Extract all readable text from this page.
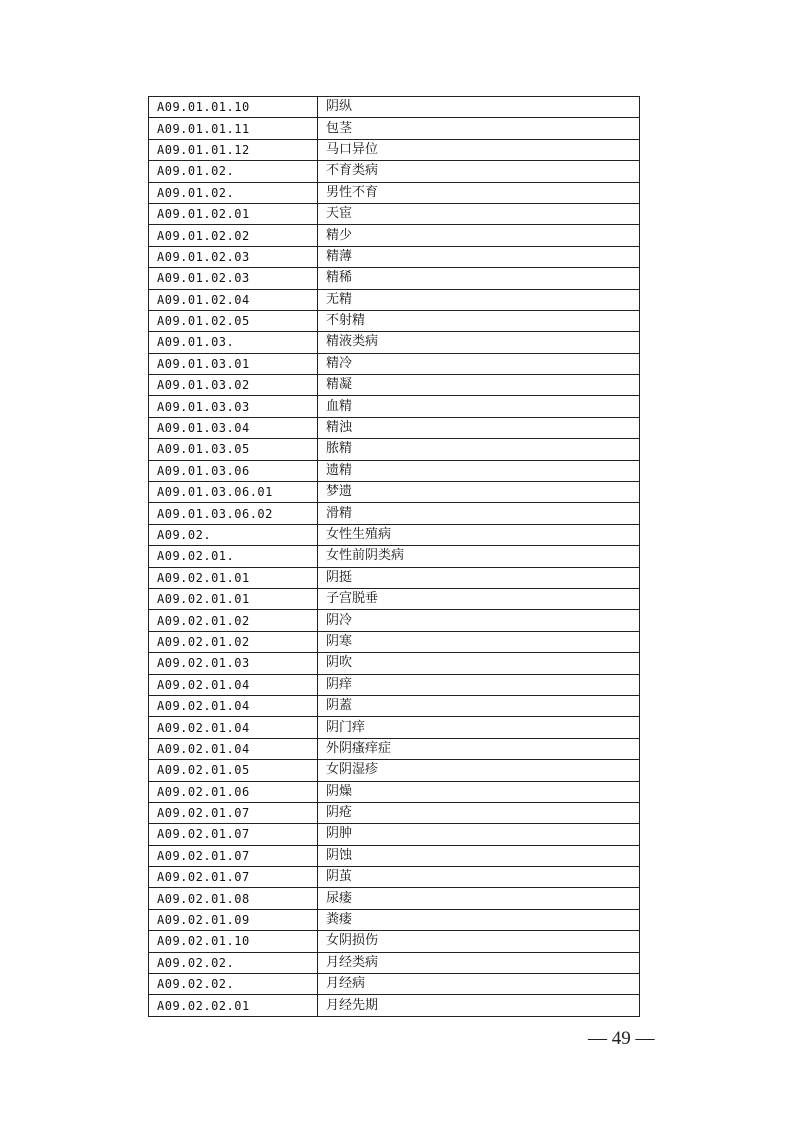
A09.01.01.10	阴纵
A09.01.01.11	包茎
A09.01.01.12	马口异位
A09.01.02.	不育类病
A09.01.02.	男性不育
A09.01.02.01	天宦
A09.01.02.02	精少
A09.01.02.03	精薄
A09.01.02.03	精稀
A09.01.02.04	无精
A09.01.02.05	不射精
A09.01.03.	精液类病
A09.01.03.01	精冷
A09.01.03.02	精凝
A09.01.03.03	血精
A09.01.03.04	精浊
A09.01.03.05	脓精
A09.01.03.06	遗精
A09.01.03.06.01	梦遗
A09.01.03.06.02	滑精
A09.02.	女性生殖病
A09.02.01.	女性前阴类病
A09.02.01.01	阴挺
A09.02.01.01	子宫脱垂
A09.02.01.02	阴冷
A09.02.01.02	阴寒
A09.02.01.03	阴吹
A09.02.01.04	阴痒
A09.02.01.04	阴蓋
A09.02.01.04	阴门痒
A09.02.01.04	外阴瘙痒症
A09.02.01.05	女阴湿疹
A09.02.01.06	阴燥
A09.02.01.07	阴疮
A09.02.01.07	阴肿
A09.02.01.07	阴蚀
A09.02.01.07	阴茧
A09.02.01.08	尿瘘
A09.02.01.09	粪瘘
A09.02.01.10	女阴损伤
A09.02.02.	月经类病
A09.02.02.	月经病
A09.02.02.01	月经先期
— 49 —
